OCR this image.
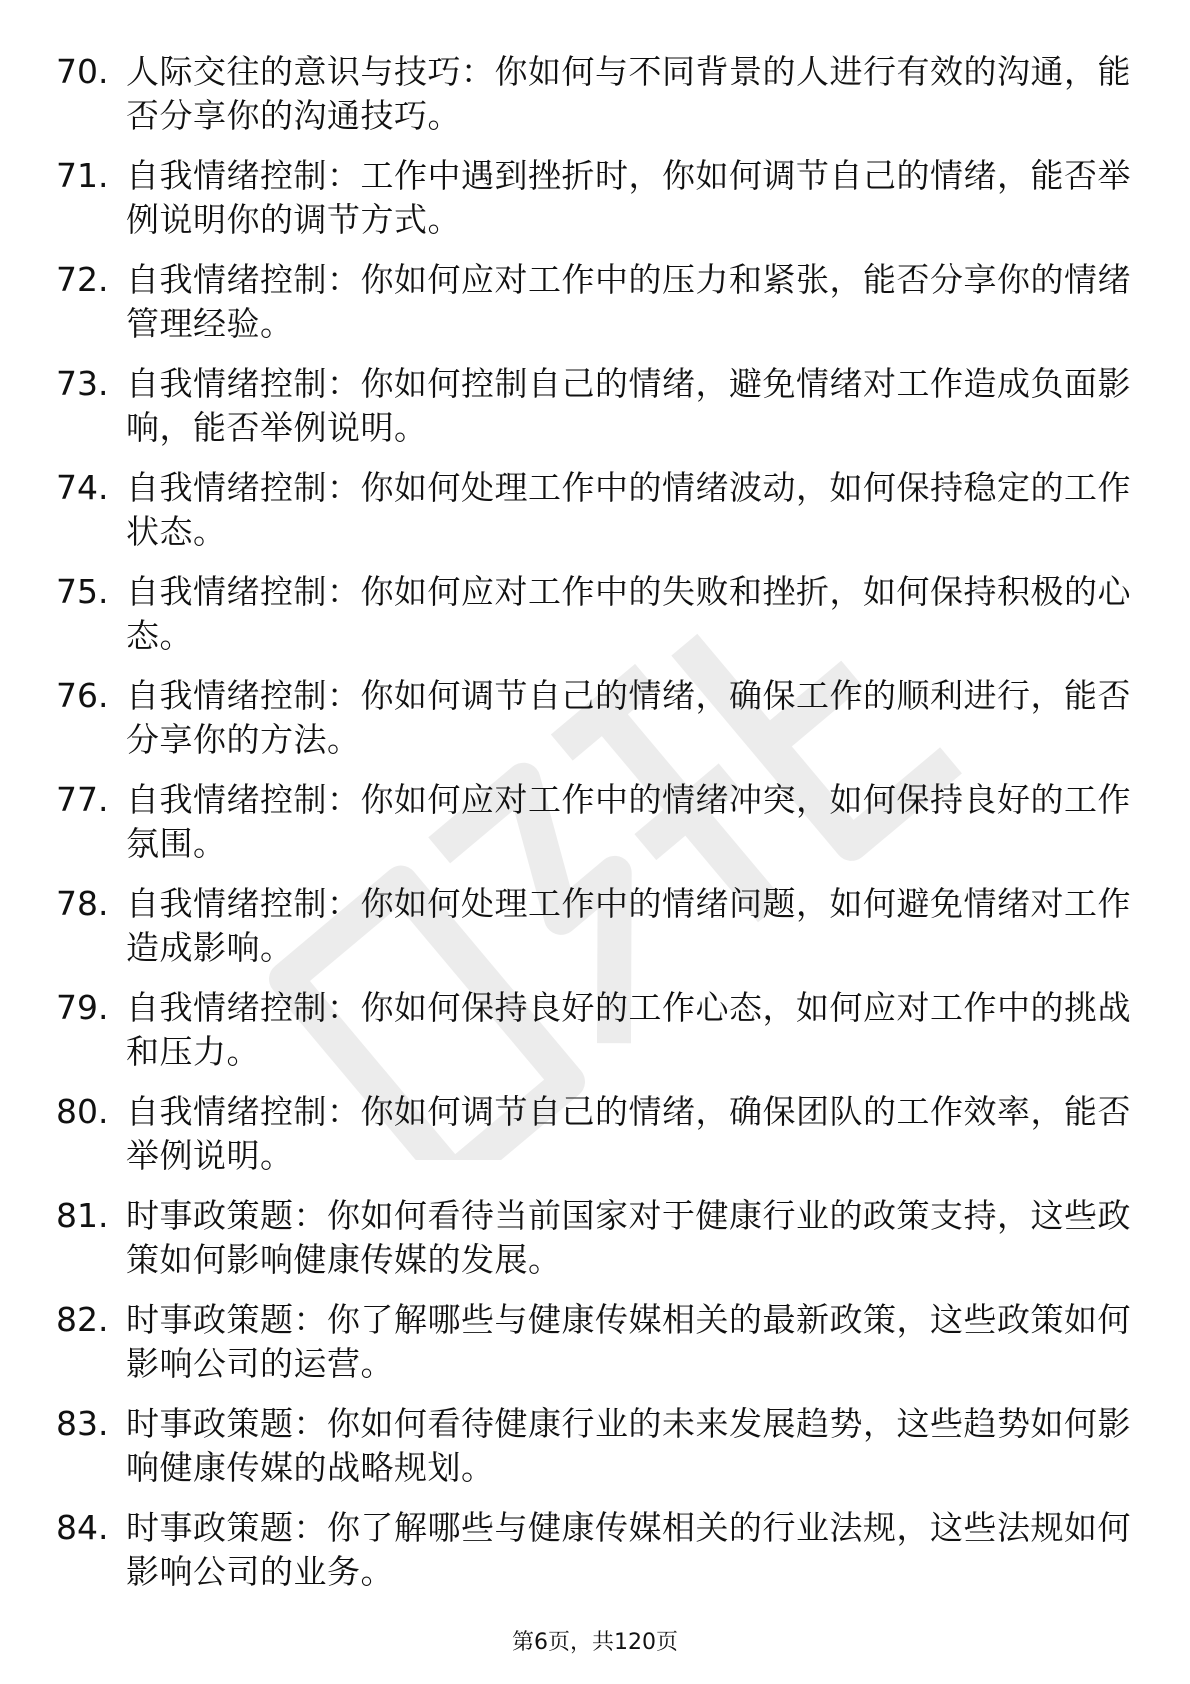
70. 人际交往的意识与技巧：你如何与不同背景的人进行有效的沟通，能否分享你的沟通技巧。
71. 自我情绪控制：工作中遇到挫折时，你如何调节自己的情绪，能否举例说明你的调节方式。
72. 自我情绪控制：你如何应对工作中的压力和紧张，能否分享你的情绪管理经验。
73. 自我情绪控制：你如何控制自己的情绪，避免情绪对工作造成负面影响，能否举例说明。
74. 自我情绪控制：你如何处理工作中的情绪波动，如何保持稳定的工作状态。
75. 自我情绪控制：你如何应对工作中的失败和挫折，如何保持积极的心态。
76. 自我情绪控制：你如何调节自己的情绪，确保工作的顺利进行，能否分享你的方法。
77. 自我情绪控制：你如何应对工作中的情绪冲突，如何保持良好的工作氛围。
78. 自我情绪控制：你如何处理工作中的情绪问题，如何避免情绪对工作造成影响。
79. 自我情绪控制：你如何保持良好的工作心态，如何应对工作中的挑战和压力。
80. 自我情绪控制：你如何调节自己的情绪，确保团队的工作效率，能否举例说明。
81. 时事政策题：你如何看待当前国家对于健康行业的政策支持，这些政策如何影响健康传媒的发展。
82. 时事政策题：你了解哪些与健康传媒相关的最新政策，这些政策如何影响公司的运营。
83. 时事政策题：你如何看待健康行业的未来发展趋势，这些趋势如何影响健康传媒的战略规划。
84. 时事政策题：你了解哪些与健康传媒相关的行业法规，这些法规如何影响公司的业务。
第6页，共120页
